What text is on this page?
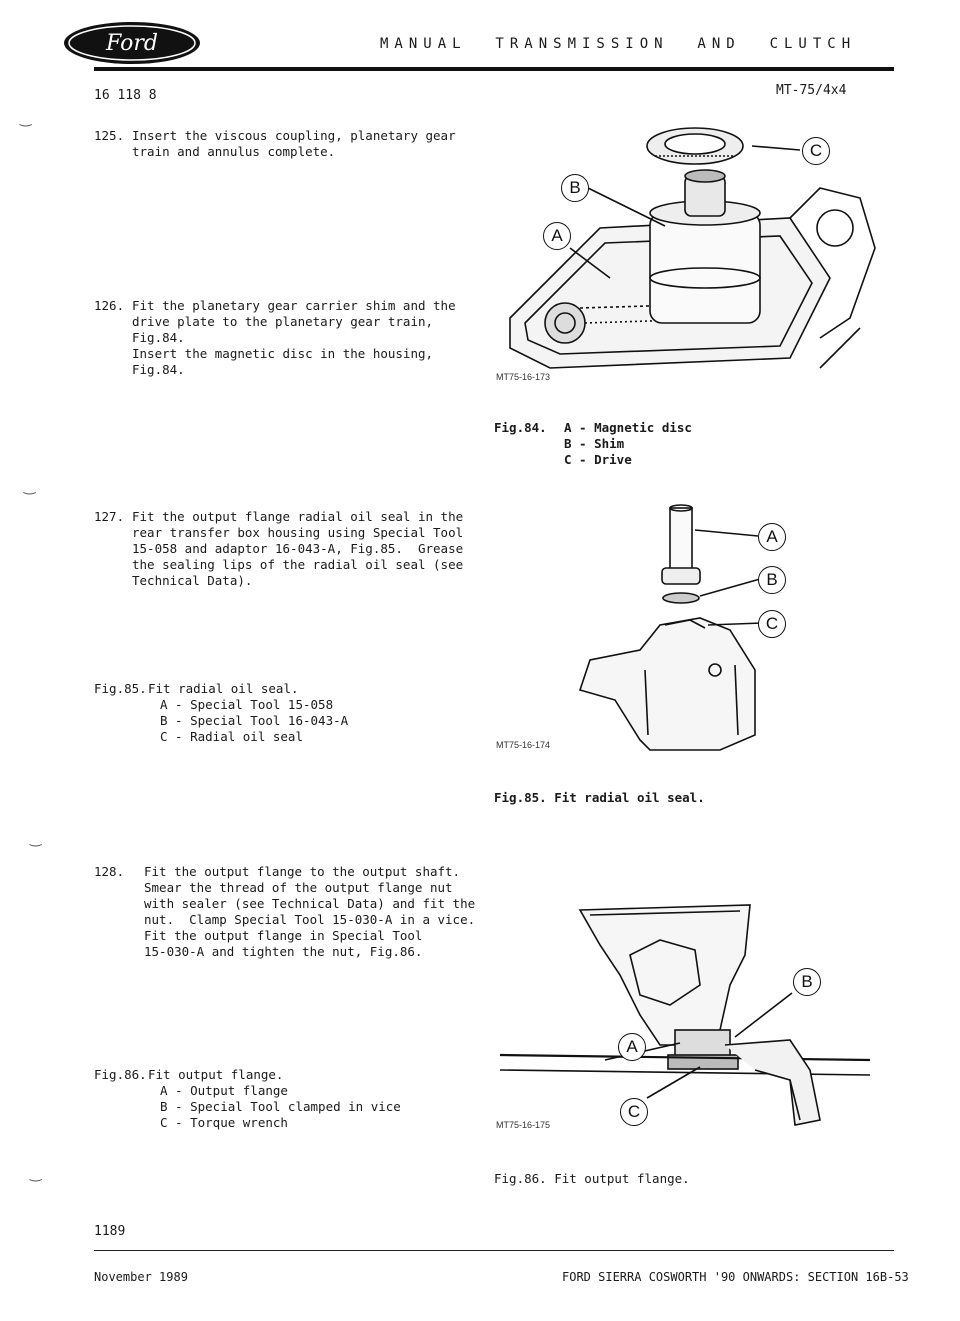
Ford	MANUAL  TRANSMISSION  AND  CLUTCH
16 118 8	MT-75/4x4
‿
‿
‿
‿
125. Insert the viscous coupling, planetary gear
train and annulus complete.
126. Fit the planetary gear carrier shim and the
drive plate to the planetary gear train,
Fig.84.
Insert the magnetic disc in the housing,
Fig.84.
127. Fit the output flange radial oil seal in the
rear transfer box housing using Special Tool
15-058 and adaptor 16-043-A, Fig.85.  Grease
the sealing lips of the radial oil seal (see
Technical Data).
Fig.85. Fit radial oil seal.
A - Special Tool 15-058
B - Special Tool 16-043-A
C - Radial oil seal
128. Fit the output flange to the output shaft.
Smear the thread of the output flange nut
with sealer (see Technical Data) and fit the
nut.  Clamp Special Tool 15-030-A in a vice.
Fit the output flange in Special Tool
15-030-A and tighten the nut, Fig.86.
Fig.86. Fit output flange.
A - Output flange
B - Special Tool clamped in vice
C - Torque wrench
C
B
A
MT75-16-173
Fig.84. A - Magnetic disc
B - Shim
C - Drive
A
B
C
MT75-16-174
Fig.85. Fit radial oil seal.
B
A
C
MT75-16-175
Fig.86. Fit output flange.
1189
November 1989	FORD SIERRA COSWORTH '90 ONWARDS: SECTION 16B-53
